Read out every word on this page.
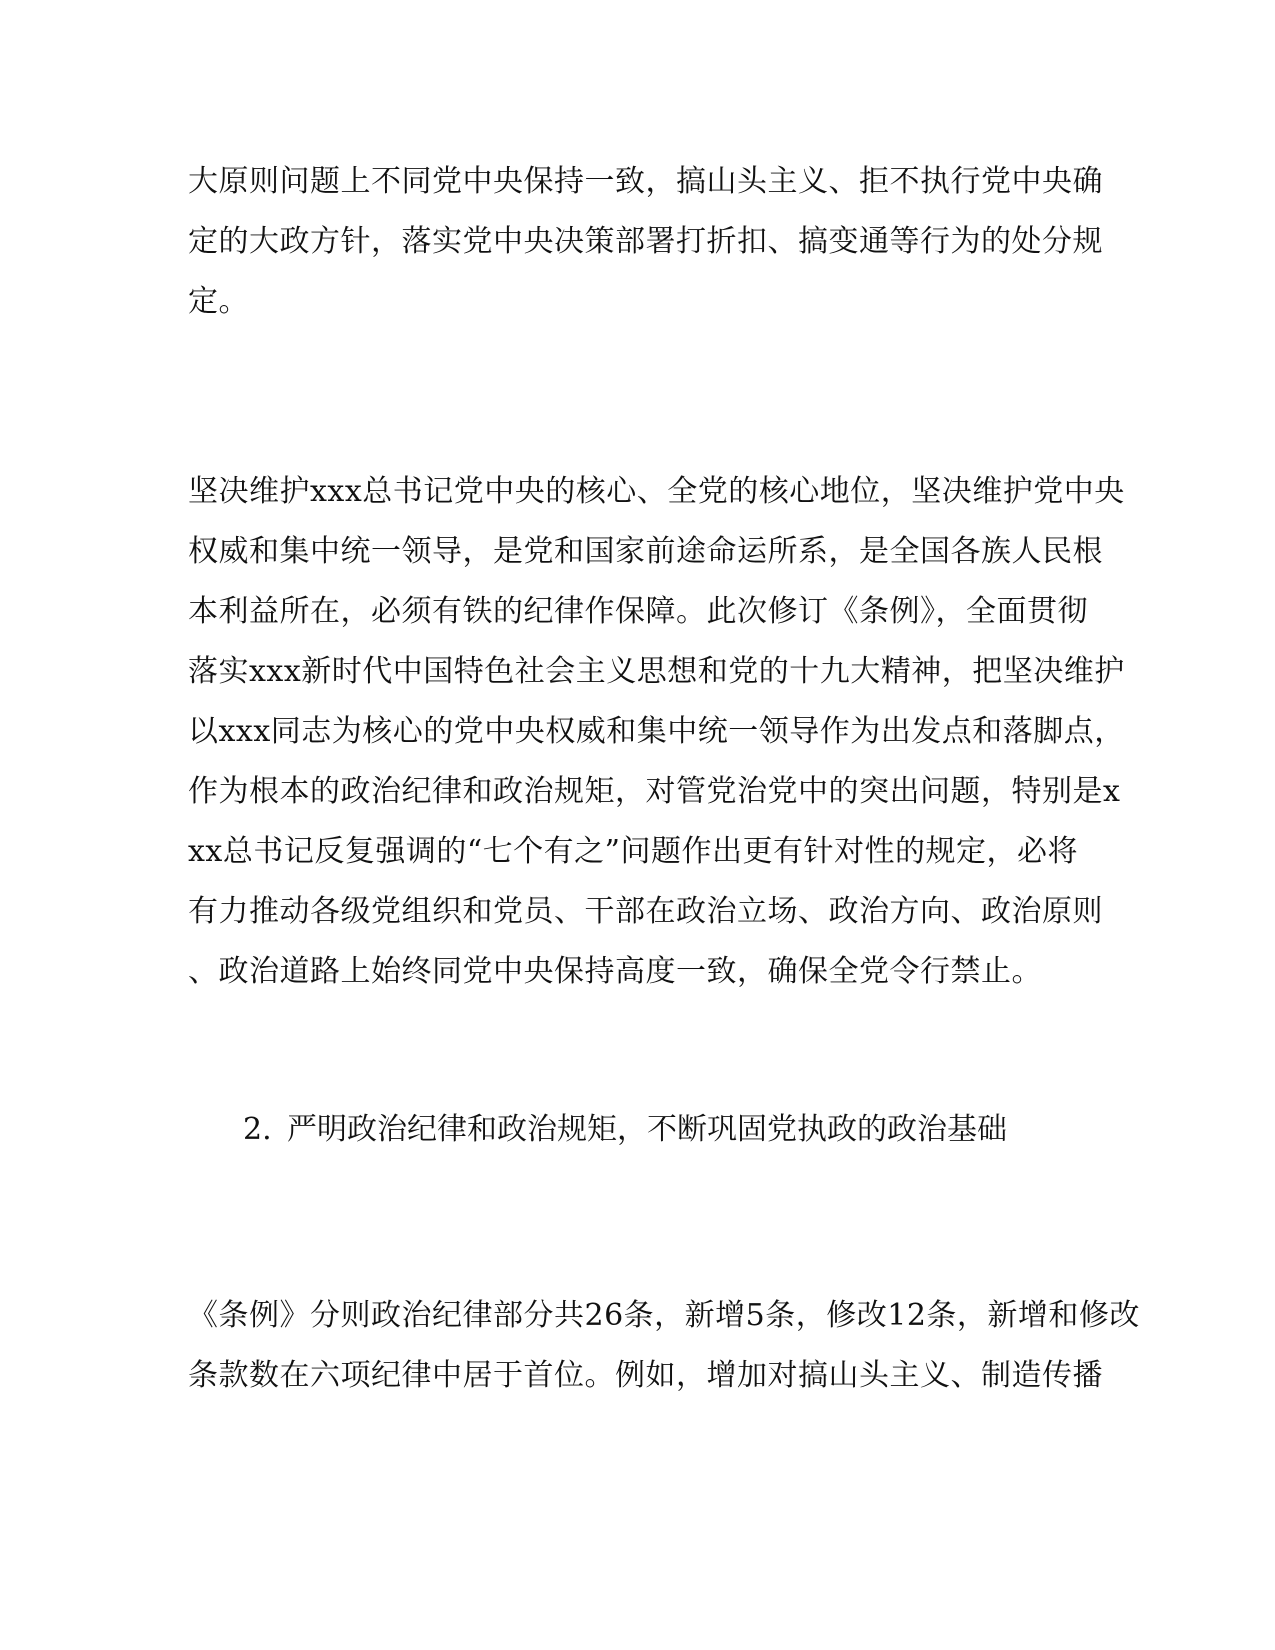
大原则问题上不同党中央保持一致，搞山头主义、拒不执行党中央确
定的大政方针，落实党中央决策部署打折扣、搞变通等行为的处分规
定。
坚决维护xxx总书记党中央的核心、全党的核心地位，坚决维护党中央
权威和集中统一领导，是党和国家前途命运所系，是全国各族人民根
本利益所在，必须有铁的纪律作保障。此次修订《条例》，全面贯彻
落实xxx新时代中国特色社会主义思想和党的十九大精神，把坚决维护
以xxx同志为核心的党中央权威和集中统一领导作为出发点和落脚点，
作为根本的政治纪律和政治规矩，对管党治党中的突出问题，特别是x
xx总书记反复强调的“七个有之”问题作出更有针对性的规定，必将
有力推动各级党组织和党员、干部在政治立场、政治方向、政治原则
、政治道路上始终同党中央保持高度一致，确保全党令行禁止。
2. 严明政治纪律和政治规矩，不断巩固党执政的政治基础
《条例》分则政治纪律部分共26条，新增5条，修改12条，新增和修改
条款数在六项纪律中居于首位。例如，增加对搞山头主义、制造传播
